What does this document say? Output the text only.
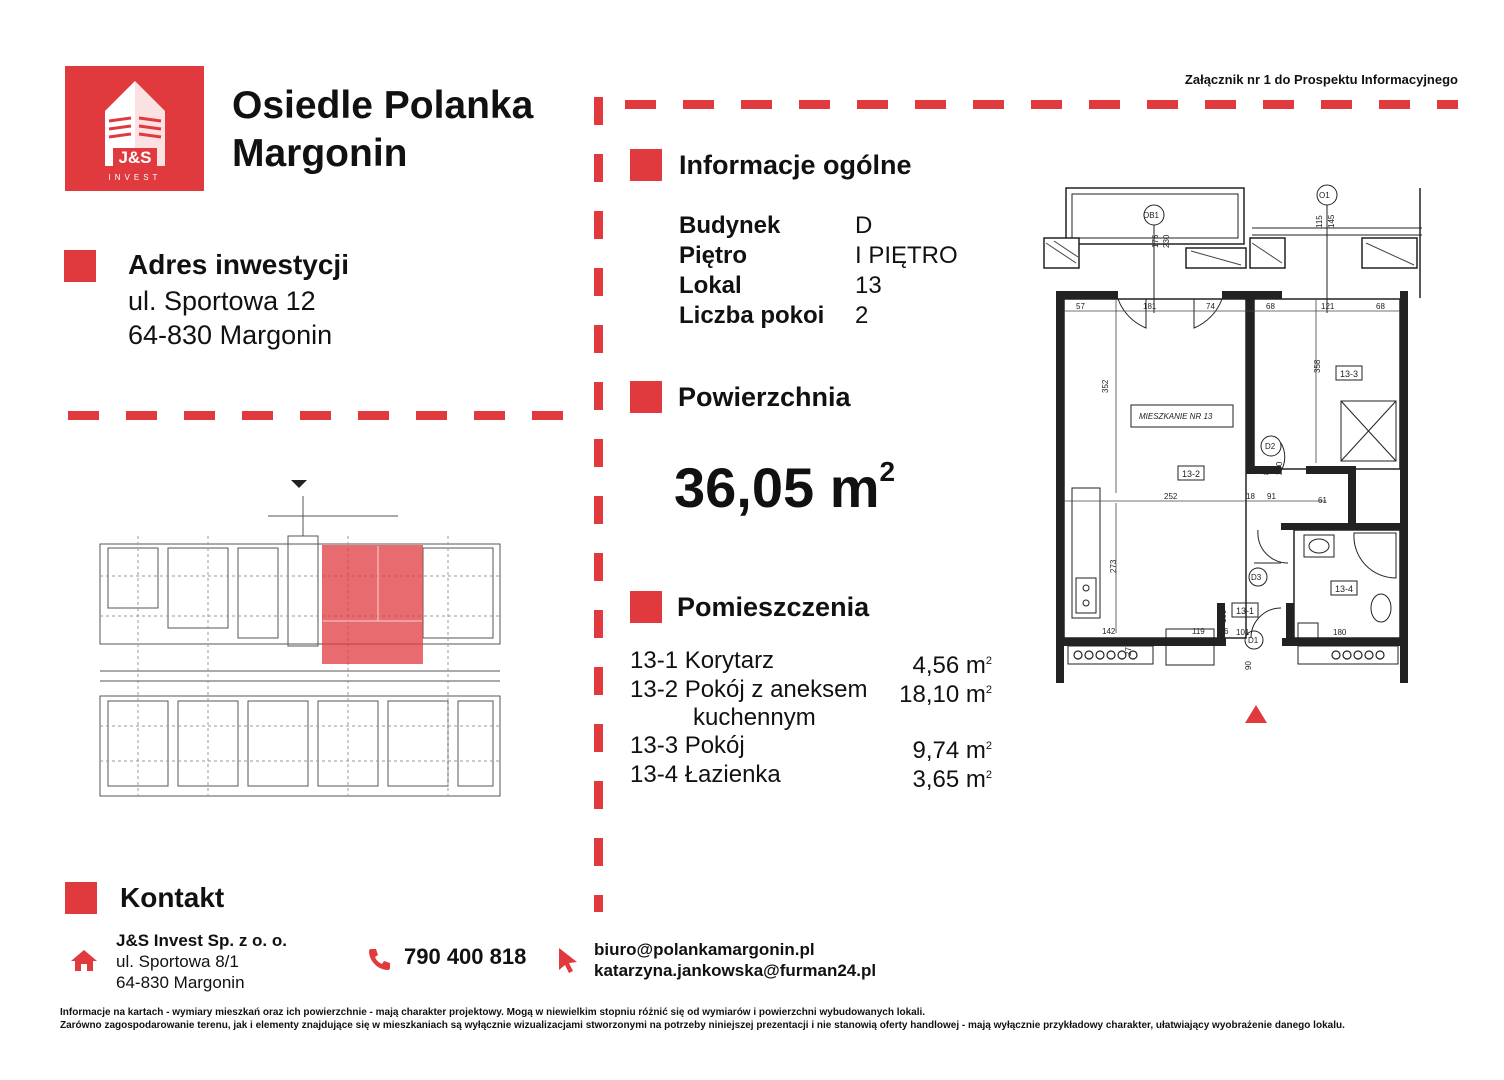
J&S
INVEST
Osiedle Polanka
Margonin
Załącznik nr 1 do Prospektu Informacyjnego
Adres inwestycji
ul. Sportowa 12
64-830 Margonin
Informacje ogólne
Budynek	D
Piętro	I PIĘTRO
Lokal	13
Liczba pokoi 2
Powierzchnia
36,05 $m^2$
Pomieszczenia
13-1 Korytarz	4,56 $m^2$
13-2 Pokój z aneksem 18,10 $m^2$
kuchennym
13-3 Pokój	9,74 $m^2$
13-4 Łazienka	3,65 $m^2$
57	181	74	68	121	68
352
358
252	18 91	61
273
142
27
119 6 101	180
175 230
115 145
80 200
90
100
MIESZKANIE NR 13
13-2
13-3
13-4
13-1
OB1
O1
D2
D3
D1
Kontakt
J&S Invest Sp. z o. o.
ul. Sportowa 8/1
64-830 Margonin
790 400 818	biuro@polankamargonin.pl
katarzyna.jankowska@furman24.pl
Informacje na kartach - wymiary mieszkań oraz ich powierzchnie - mają charakter projektowy. Mogą w niewielkim stopniu różnić się od wymiarów i powierzchni wybudowanych lokali.
Zarówno zagospodarowanie terenu, jak i elementy znajdujące się w mieszkaniach są wyłącznie wizualizacjami stworzonymi na potrzeby niniejszej prezentacji i nie stanowią oferty handlowej - mają wyłącznie przykładowy charakter, ułatwiający wyobrażenie danego lokalu.
